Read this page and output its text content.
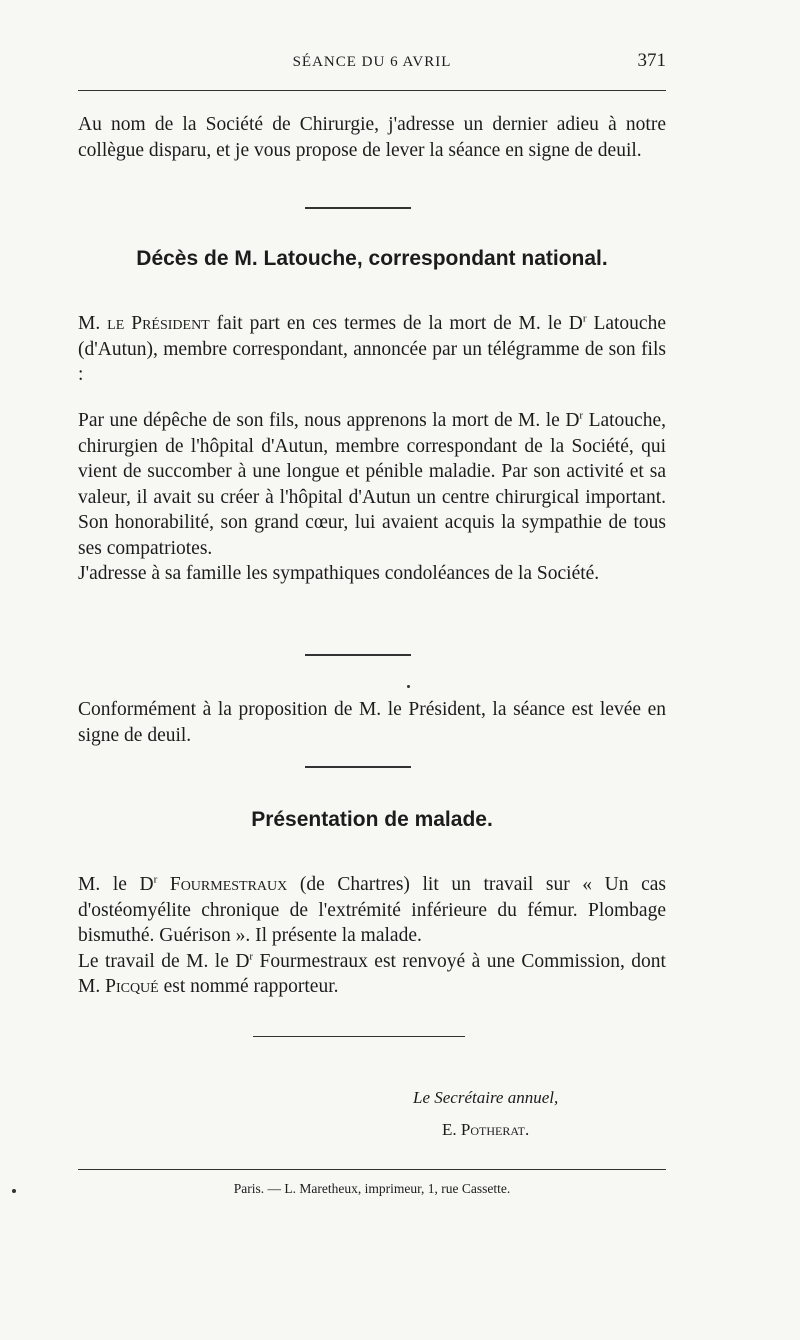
SÉANCE DU 6 AVRIL	371

Au nom de la Société de Chirurgie, j'adresse un dernier adieu à notre collègue disparu, et je vous propose de lever la séance en signe de deuil.

Décès de M. Latouche, correspondant national.

M. le Président fait part en ces termes de la mort de M. le $D^r$ Latouche (d'Autun), membre correspondant, annoncée par un télégramme de son fils :

Par une dépêche de son fils, nous apprenons la mort de M. le $D^r$ Latouche, chirurgien de l'hôpital d'Autun, membre correspondant de la Société, qui vient de succomber à une longue et pénible maladie. Par son activité et sa valeur, il avait su créer à l'hôpital d'Autun un centre chirurgical important. Son honorabilité, son grand cœur, lui avaient acquis la sympathie de tous ses compatriotes.
J'adresse à sa famille les sympathiques condoléances de la Société.

Conformément à la proposition de M. le Président, la séance est levée en signe de deuil.

Présentation de malade.

M. le $D^r$ Fourmestraux (de Chartres) lit un travail sur « Un cas d'ostéomyélite chronique de l'extrémité inférieure du fémur. Plombage bismuthé. Guérison ». Il présente la malade.
Le travail de M. le $D^r$ Fourmestraux est renvoyé à une Commission, dont M. Picqué est nommé rapporteur.

Le Secrétaire annuel,
E. Potherat.
Paris. — L. Maretheux, imprimeur, 1, rue Cassette.
